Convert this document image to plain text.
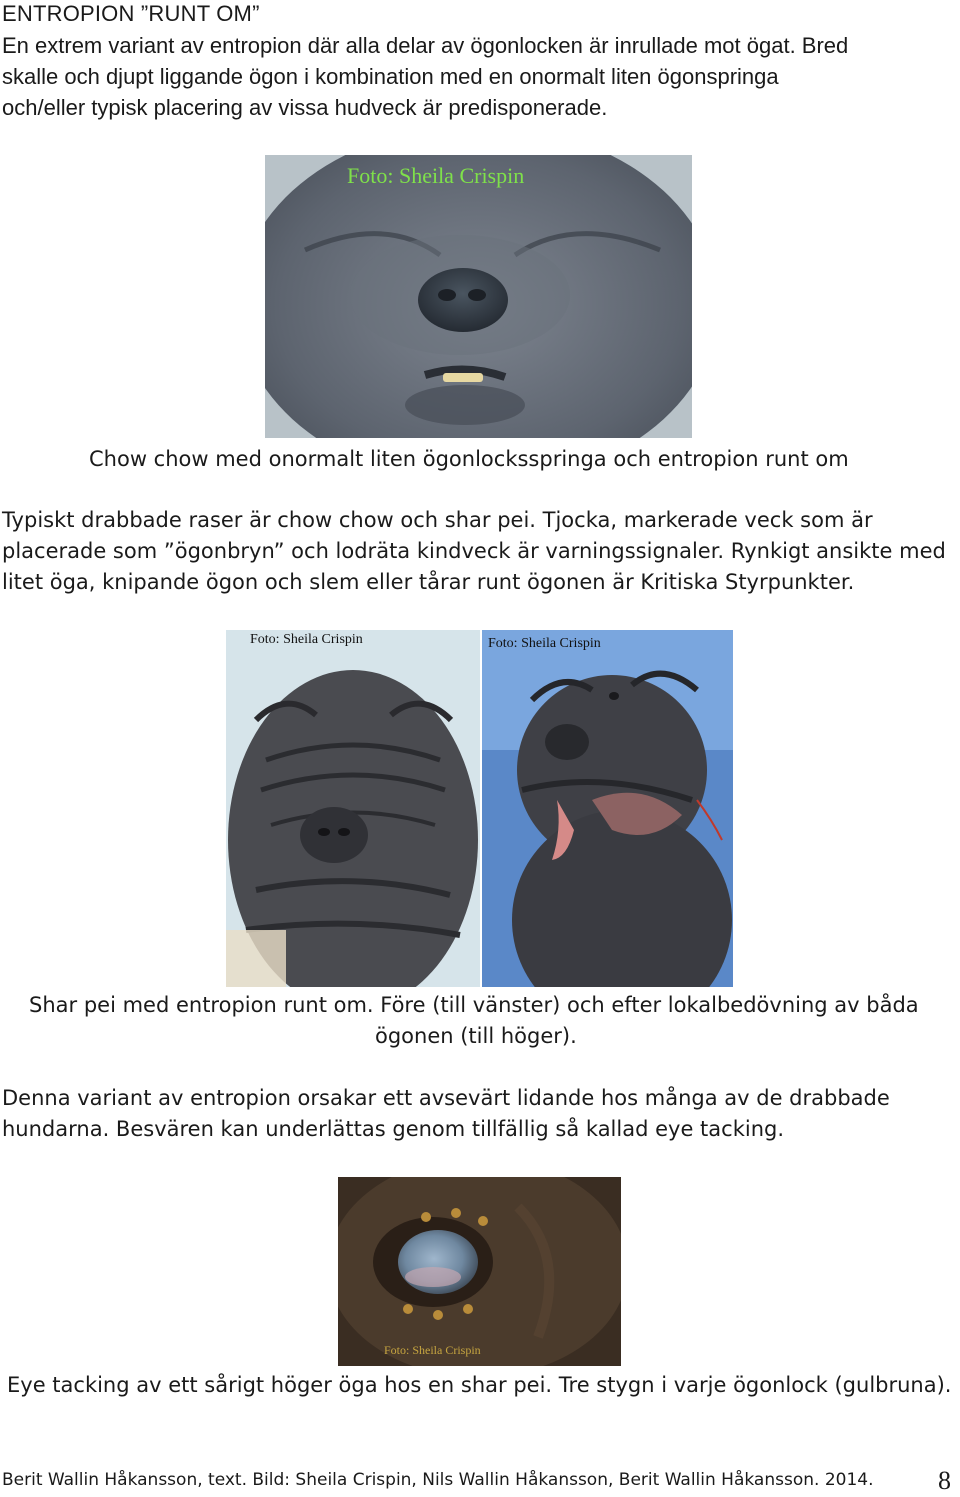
ENTROPION ”RUNT OM”
En extrem variant av entropion där alla delar av ögonlocken är inrullade mot ögat. Bred
skalle och djupt liggande ögon i kombination med en onormalt liten ögonspringa
och/eller typisk placering av vissa hudveck är predisponerade.
Foto: Sheila Crispin
Chow chow med onormalt liten ögonlocksspringa och entropion runt om
Typiskt drabbade raser är chow chow och shar pei. Tjocka, markerade veck som är
placerade som ”ögonbryn” och lodräta kindveck är varningssignaler. Rynkigt ansikte med
litet öga, knipande ögon och slem eller tårar runt ögonen är Kritiska Styrpunkter.
Foto: Sheila Crispin	Foto: Sheila Crispin
Shar pei med entropion runt om. Före (till vänster) och efter lokalbedövning av båda
ögonen (till höger).
Denna variant av entropion orsakar ett avsevärt lidande hos många av de drabbade
hundarna. Besvären kan underlättas genom tillfällig så kallad eye tacking.
Foto: Sheila Crispin
Eye tacking av ett sårigt höger öga hos en shar pei. Tre stygn i varje ögonlock (gulbruna).
Berit Wallin Håkansson, text. Bild: Sheila Crispin, Nils Wallin Håkansson, Berit Wallin Håkansson. 2014. 8
